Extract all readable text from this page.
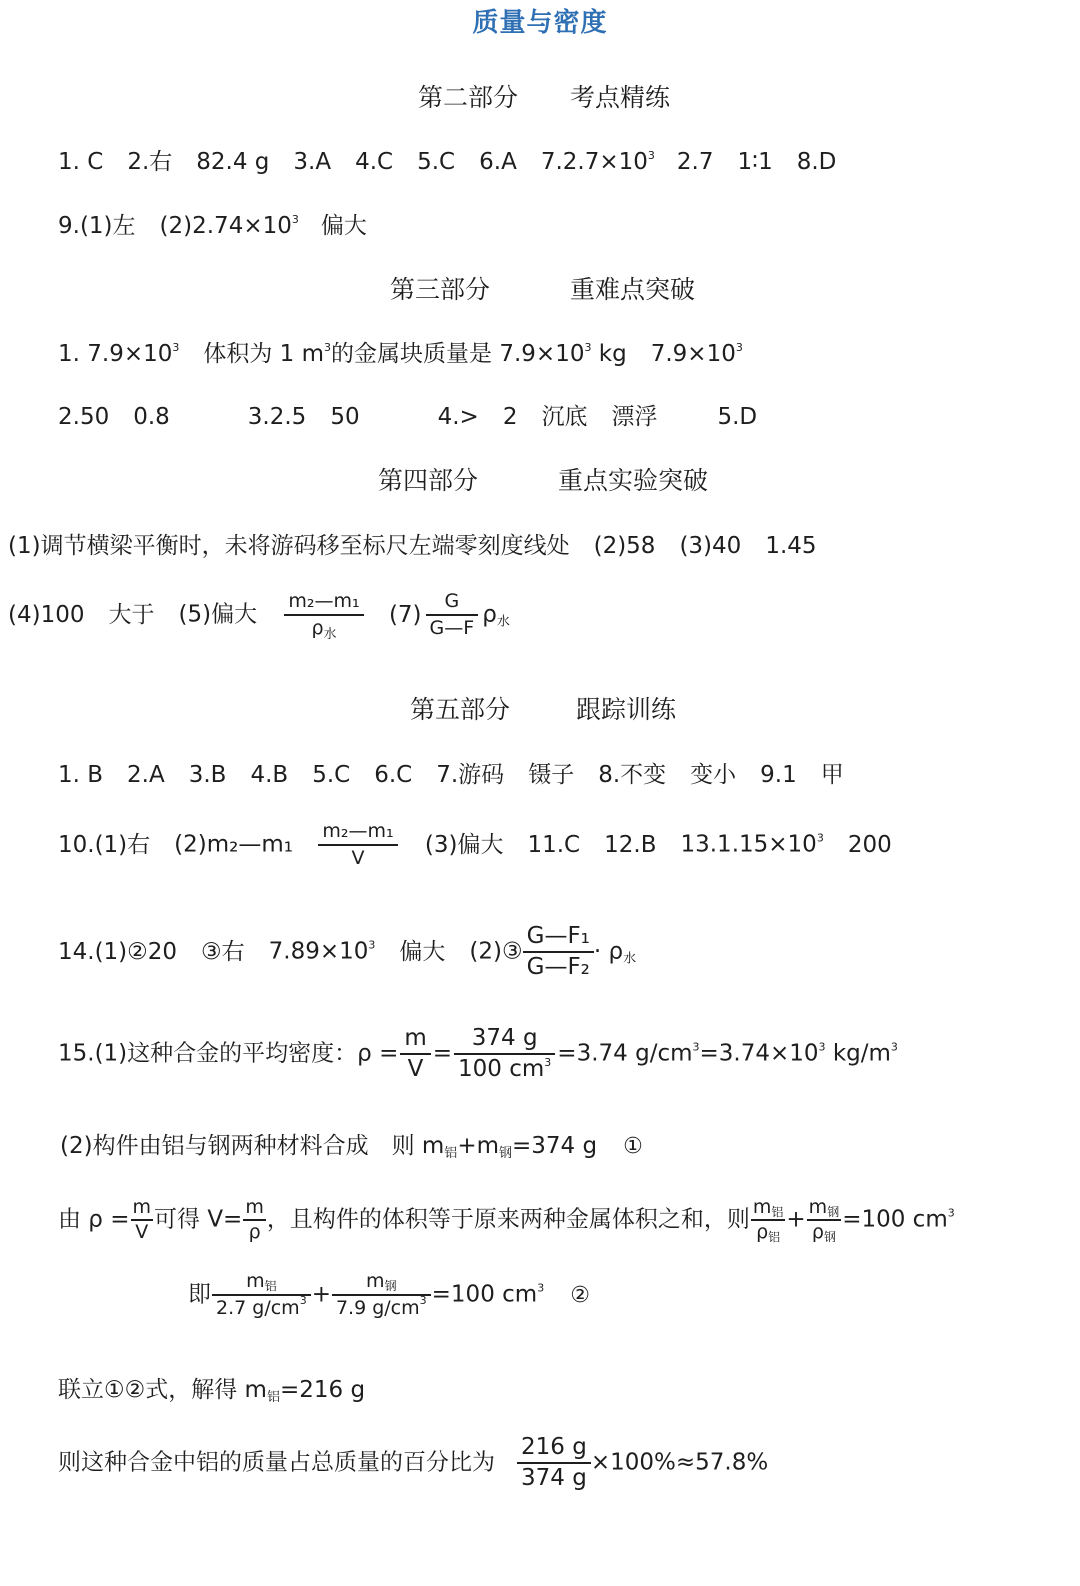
质量与密度
第二部分 考点精练
1. C 2.右 82.4 g 3.A 4.C 5.C 6.A $7.2.7\times 10^3$ 2.7 1∶1 8.D
9.(1)左 $(2)2.74\times 10^3$ 偏大
第三部分	重难点突破
1. $7.9\times 10^3$ 体积为 1 $m^3$的金属块质量是 $7.9\times 10^3$ kg $7.9\times 10^3$
2.50 0.8	3.2.5 50	4.> 2 沉底 漂浮	5.D
第四部分	重点实验突破
(1)调节横梁平衡时，未将游码移至标尺左端零刻度线处 (2)58 (3)40 1.45
(4)100 大于 (5)偏大 $\frac{\text{m₂—m₁}}{\rho_水} (7) \frac{G}{G—F} \rho_水$
第五部分	跟踪训练
1. B 2.A 3.B 4.B 5.C 6.C 7.游码 镊子 8.不变 变小 9.1 甲
10.(1)右 (2)m₂—m₁ $\frac{\text{m₂—m₁}}{V} (3)$偏大 11.C 12.B $13.1.15\times 10^3$ 200
14.(1)②20 ③右 $7.89\times 10^3$ 偏大 (2)③ $\frac{\text{G—F₁}}{\text{G—F₂}} \cdot \rho_水$
15.(1)这种合金的平均密度：$\rho = \frac{m}{V} = \frac{374 g}{100 cm^3} =3.74$ $g/cm^3=3.74\times 10^3$ $kg/m^3$
(2)构件由铝与钢两种材料合成　则 $m_铝+m_钢=374$ g ①
由 $\rho = \frac{m}{V}$ 可得 $V= \frac{m}{\rho}$ ，且构件的体积等于原来两种金属体积之和，则 $\frac{m_铝}{\rho_铝} + \frac{m_钢}{\rho_钢} =100$ $cm^3$
即 $\frac{m_铝}{2.7 g/cm^3} + \frac{m_钢}{7.9 g/cm^3} =100$ $cm^3$ ②
联立①②式，解得 $m_铝=216$ g
则这种合金中铝的质量占总质量的百分比为 $\frac{216 g}{374 g} \times 100\%\approx 57.8\%$
